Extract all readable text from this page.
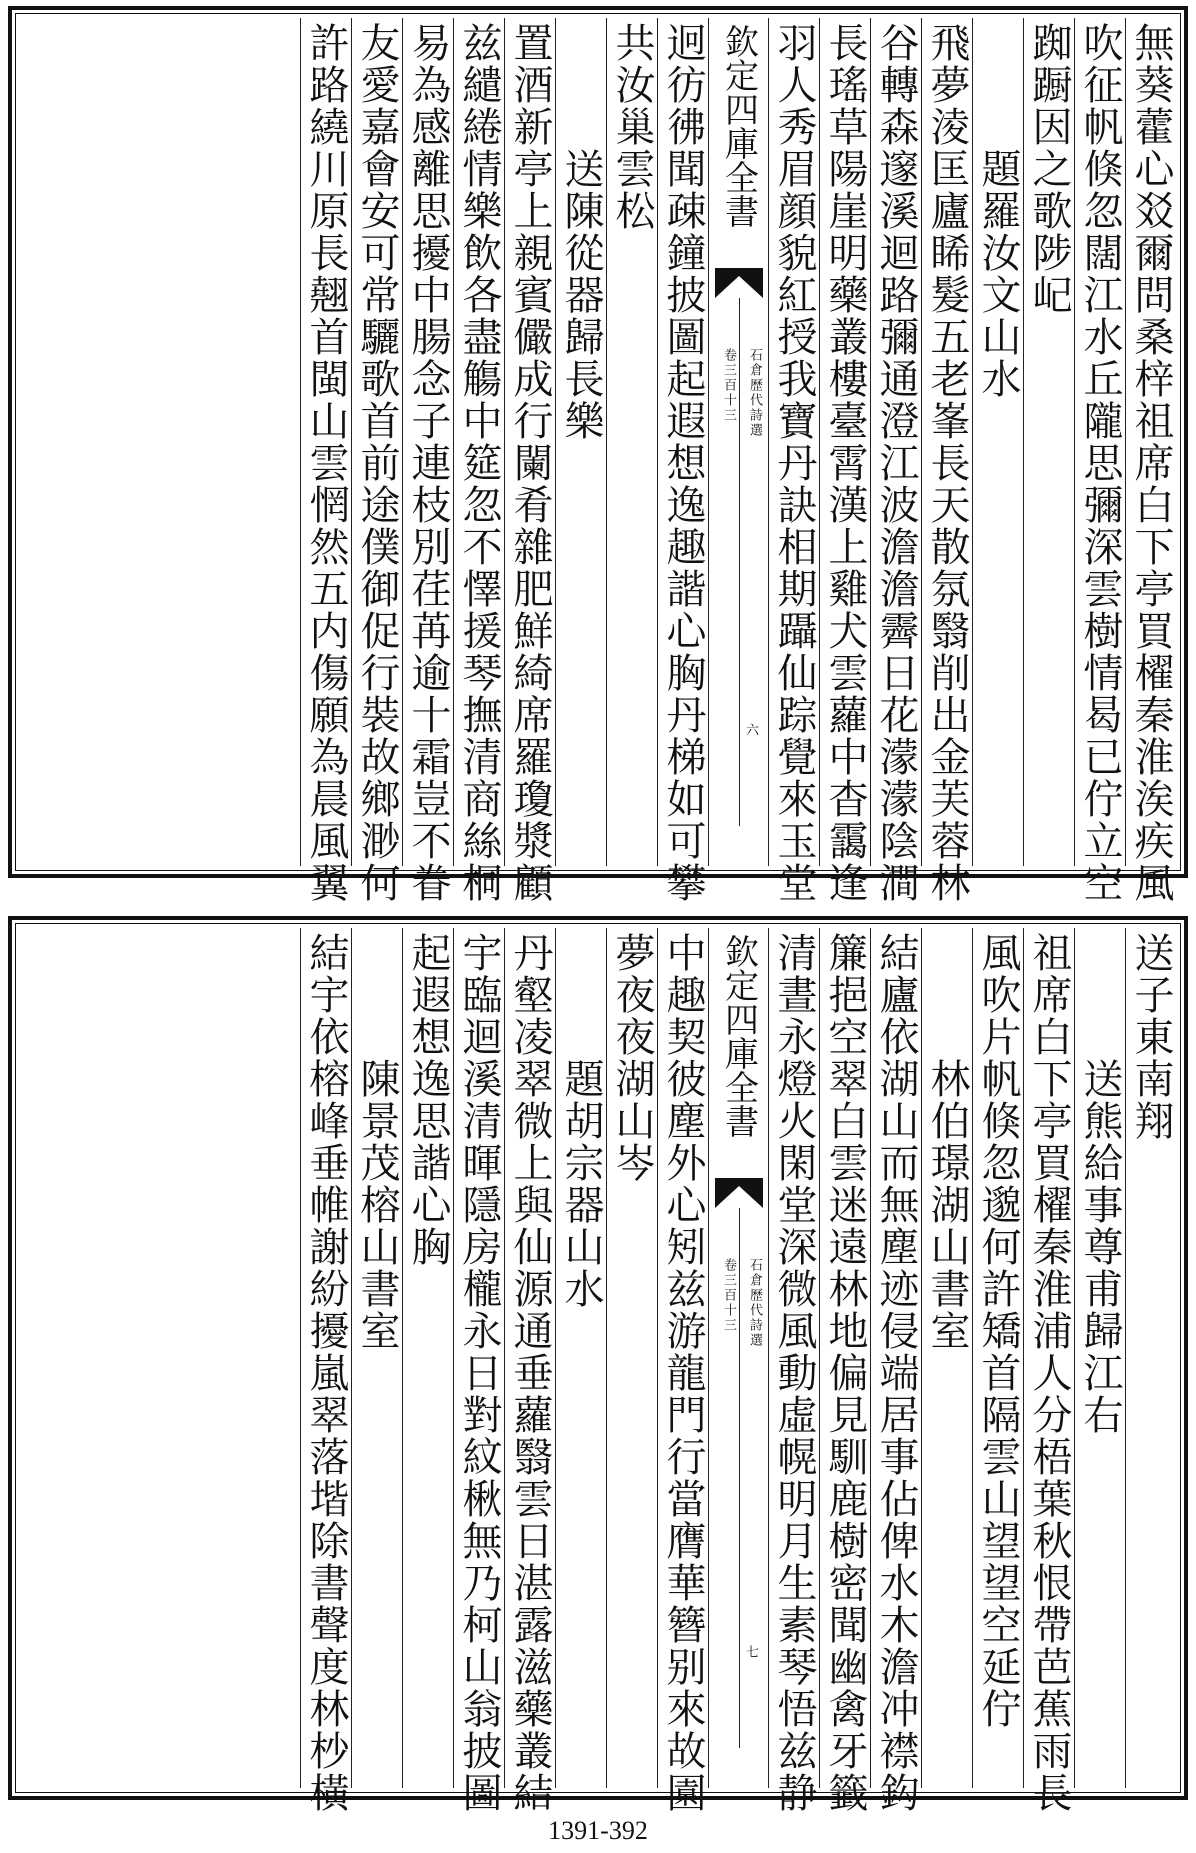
無葵藿心㸚爾問桑梓祖席白下亭買櫂秦淮涘疾風
吹征帆倏忽闊江水丘隴思彌深雲樹情曷已佇立空
踟蹰因之歌陟屺
題羅汝文山水
飛夢淩匡廬睎髮五老峯長天散氛翳削出金芙蓉林
谷轉森邃溪迴路彌通澄江波澹澹霽日花濛濛陰澗
長瑤草陽崖明藥叢樓臺霄漢上雞犬雲蘿中杳靄逢
羽人秀眉顔貌紅授我寶丹訣相期躡仙踪覺來玉堂
欽定四庫全書
石倉歷代詩選
卷三百十三
六
迥彷彿聞疎鐘披圖起遐想逸趣諧心胸丹梯如可攀
共汝巢雲松
送陳從器歸長樂
置酒新亭上親賓儼成行闌肴雜肥鮮綺席羅瓊漿顧
兹繾綣情樂飲各盡觴中筵忽不懌援琴撫清商絲桐
易為感離思擾中腸念子連枝別荏苒逾十霜豈不眷
友愛嘉會安可常驪歌首前途僕御促行裝故鄉渺何
許路繞川原長翹首閩山雲惘然五内傷願為晨風翼
送子東南翔
送熊給事尊甫歸江右
祖席白下亭買櫂秦淮浦人分梧葉秋恨帶芭蕉雨長
風吹片帆倏忽邈何許矯首隔雲山望望空延佇
林伯璟湖山書室
結廬依湖山而無塵迹侵端居事佔俾水木澹冲襟鈎
簾挹空翠白雲迷遠林地偏見馴鹿樹密聞幽禽牙籤
清晝永燈火閑堂深微風動虛幌明月生素琴悟兹静
欽定四庫全書
石倉歷代詩選
卷三百十三
七
中趣契彼塵外心矧兹游龍門行當膺華簪别來故園
夢夜夜湖山岑
題胡宗器山水
丹壑凌翠微上與仙源通垂蘿翳雲日湛露滋藥叢結
宇臨迴溪清暉隱房櫳永日對紋楸無乃柯山翁披圖
起遐想逸思諧心胸
陳景茂榕山書室
結宇依榕峰垂帷謝紛擾嵐翠落堦除書聲度林杪橫
1391-392
